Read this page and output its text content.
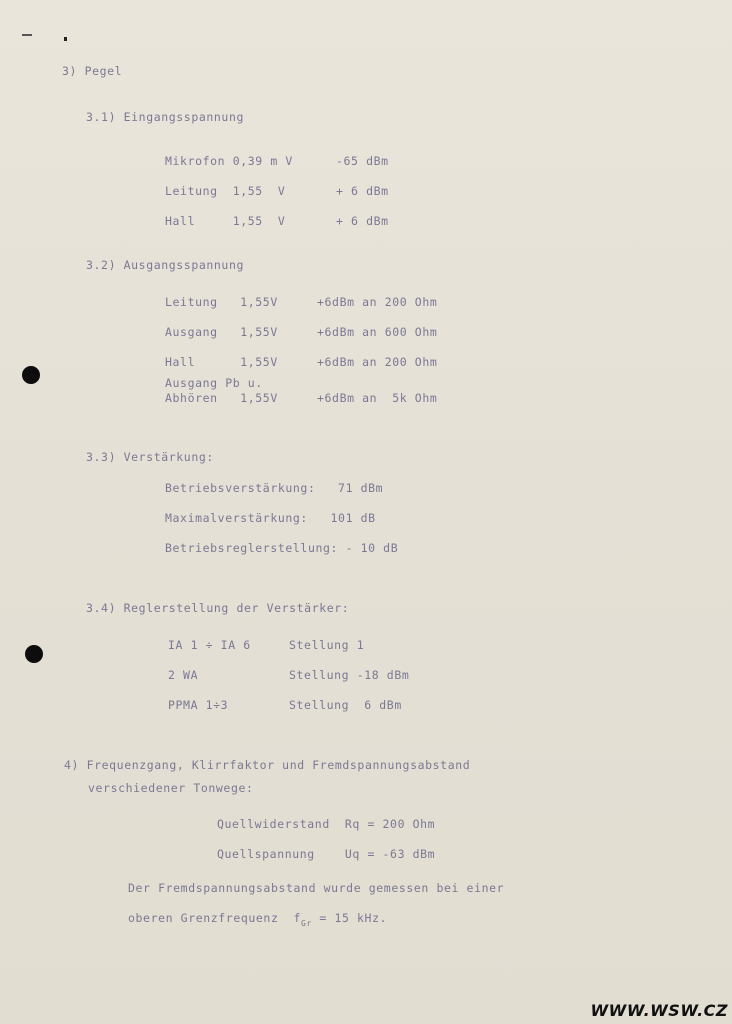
3) Pegel
3.1) Eingangsspannung
Mikrofon 0,39 m V	-65 dBm
Leitung  1,55  V	+ 6 dBm
Hall     1,55  V	+ 6 dBm
3.2) Ausgangsspannung
Leitung   1,55V	+6dBm an 200 Ohm
Ausgang   1,55V	+6dBm an 600 Ohm
Hall      1,55V	+6dBm an 200 Ohm
Ausgang Pb u.
Abhören   1,55V	+6dBm an  5k Ohm
3.3) Verstärkung:
Betriebsverstärkung:   71 dBm
Maximalverstärkung:   101 dB
Betriebsreglerstellung: - 10 dB
3.4) Reglerstellung der Verstärker:
IA 1 ÷ IA 6	Stellung 1
2 WA	Stellung -18 dBm
PPMA 1÷3	Stellung  6 dBm
4) Frequenzgang, Klirrfaktor und Fremdspannungsabstand
verschiedener Tonwege:
Quellwiderstand  Rq = 200 Ohm
Quellspannung    Uq = -63 dBm
Der Fremdspannungsabstand wurde gemessen bei einer
oberen Grenzfrequenz  $f_{Gr} = 15$ kHz.
WWW.WSW.CZ
